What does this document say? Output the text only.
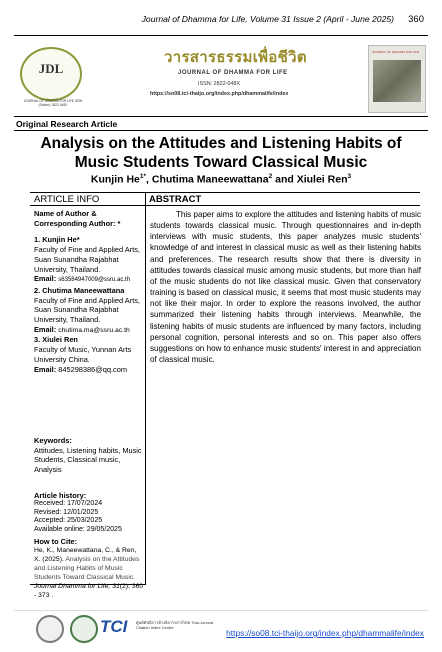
Journal of Dhamma for Life, Volume 31 Issue 2 (April - June 2025) 360
JDL
JOURNAL OF DHAMMA FOR LIFE ISSN (Online): 2822-048X
วารสารธรรมเพื่อชีวิต
JOURNAL OF DHAMMA FOR LIFE
ISSN: 2822-048X
https://so08.tci-thaijo.org/index.php/dhammalife/index
JOURNAL OF DHAMMA FOR LIFE
Original Research Article
Analysis on the Attitudes and Listening Habits of
Music Students Toward Classical Music
Kunjin $He^{1*}$, Chutima Maneewattana$^2$ and Xiulei Ren$^3$
ARTICLE INFO	ABSTRACT
Name of Author & Corresponding Author: *
1. Kunjin He*
Faculty of Fine and Applied Arts, Suan Sunandha Rajabhat University, Thailand.
Email: s63584947009@ssru.ac.th
2. Chutima Maneewattana
Faculty of Fine and Applied Arts, Suan Sunandha Rajabhat University, Thailand.
Email: chutima.ma@ssru.ac.th
3. Xiulei Ren
Faculty of Music, Yunnan Arts University China.
Email: 845298386@qq.com
Keywords:
Attitudes, Listening habits, Music Students, Classical music, Analysis
Article history:
Received: 17/07/2024
Revised: 12/01/2025
Accepted: 25/03/2025
Available online: 29/05/2025
How to Cite:
He, K., Maneewattana, C., & Ren, X. (2025). Analysis on the Attitudes and Listening Habits of Music Students Toward Classical Music. Journal Dhamma for Life, 31(2), 360 - 373 .

This paper aims to explore the attitudes and listening habits of music students towards classical music. Through questionnaires and in-depth interviews with music students, this paper analyzes music students' knowledge of and interest in classical music as well as their listening habits and preferences. The research results show that there is diversity in attitudes towards classical music among music students, but more than half of the music students do not like classical music. Given that conservatory training is based on classical music, it seems that most music students may not like their major. In order to explore the reasons involved, the author summarized their listening habits through interviews. Meanwhile, the listening habits of music students are influenced by many factors, including personal cognition, personal interests and so on. This paper also offers suggestions on how to enhance music students' interest in and appreciation of classical music.

TCI ศูนย์ดัชนีการอ้างอิงวารสารไทย Thai-Journal Citation Index Centre
https://so08.tci-thaijo.org/index.php/dhammalife/index
